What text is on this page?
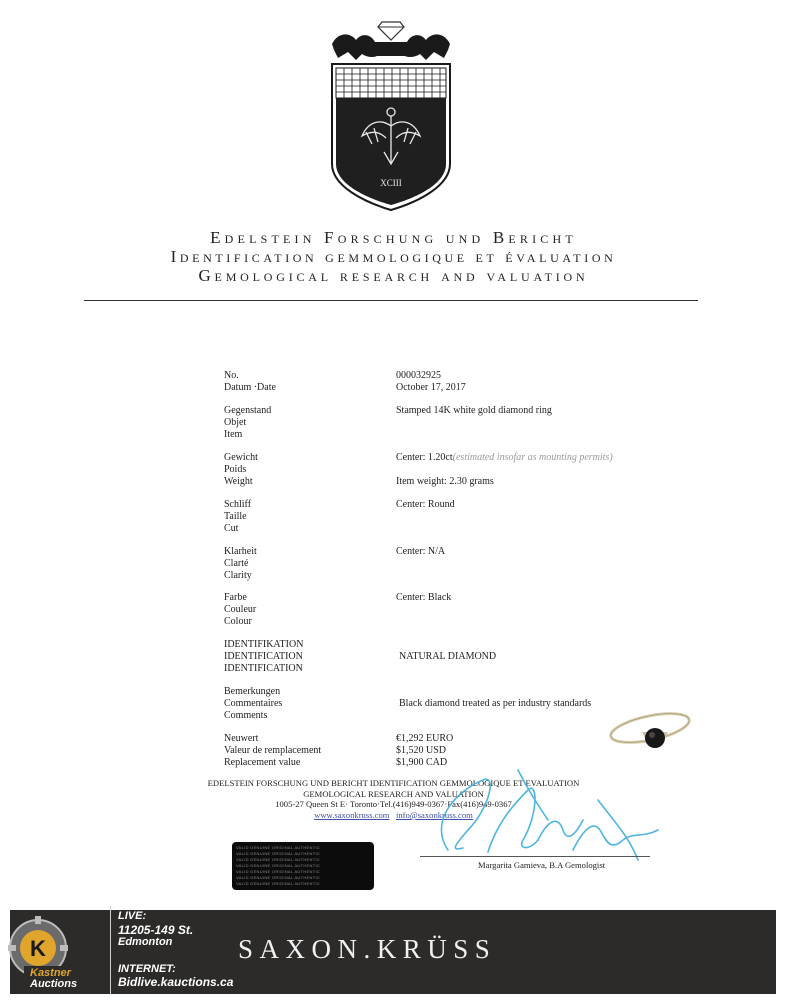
XCIII
Edelstein Forschung und Bericht
Identification gemmologique et évaluation
Gemological research and valuation
No.
Datum ·Date
000032925
October 17, 2017
Gegenstand
Objet
Item
Stamped 14K white gold diamond ring
Gewicht
Poids
Weight
Center: 1.20ct(estimated insofar as mounting permits)
Item weight: 2.30 grams
Schliff
Taille
Cut
Center: Round
Klarheit
Clarté
Clarity
Center: N/A
Farbe
Couleur
Colour
Center: Black
IDENTIFIKATION
IDENTIFICATION
IDENTIFICATION
NATURAL DIAMOND
Bemerkungen
Commentaires
Comments
Black diamond treated as per industry standards
Neuwert
Valeur de remplacement
Replacement value
€1,292 EURO
$1,520 USD
$1,900 CAD
EDELSTEIN FORSCHUNG UND BERICHT IDENTIFICATION GEMMOLOGIQUE ET EVALUATION
GEMOLOGICAL RESEARCH AND VALUATION
1005-27 Queen St E· Toronto·Tel.(416)949-0367·Fax(416)949-0367
www.saxonkruss.com info@saxonkruss.com
VALID GENUINE ORIGINAL AUTHENTIC
VALID GENUINE ORIGINAL AUTHENTIC
VALID GENUINE ORIGINAL AUTHENTIC
VALID GENUINE ORIGINAL AUTHENTIC
VALID GENUINE ORIGINAL AUTHENTIC
VALID GENUINE ORIGINAL AUTHENTIC
VALID GENUINE ORIGINAL AUTHENTIC
Margarita Gamieva, B.A Gemologist
SAXON.KRÜSS
K
Kastner
Auctions
LIVE:
11205-149 St.
Edmonton
INTERNET:
Bidlive.kauctions.ca
